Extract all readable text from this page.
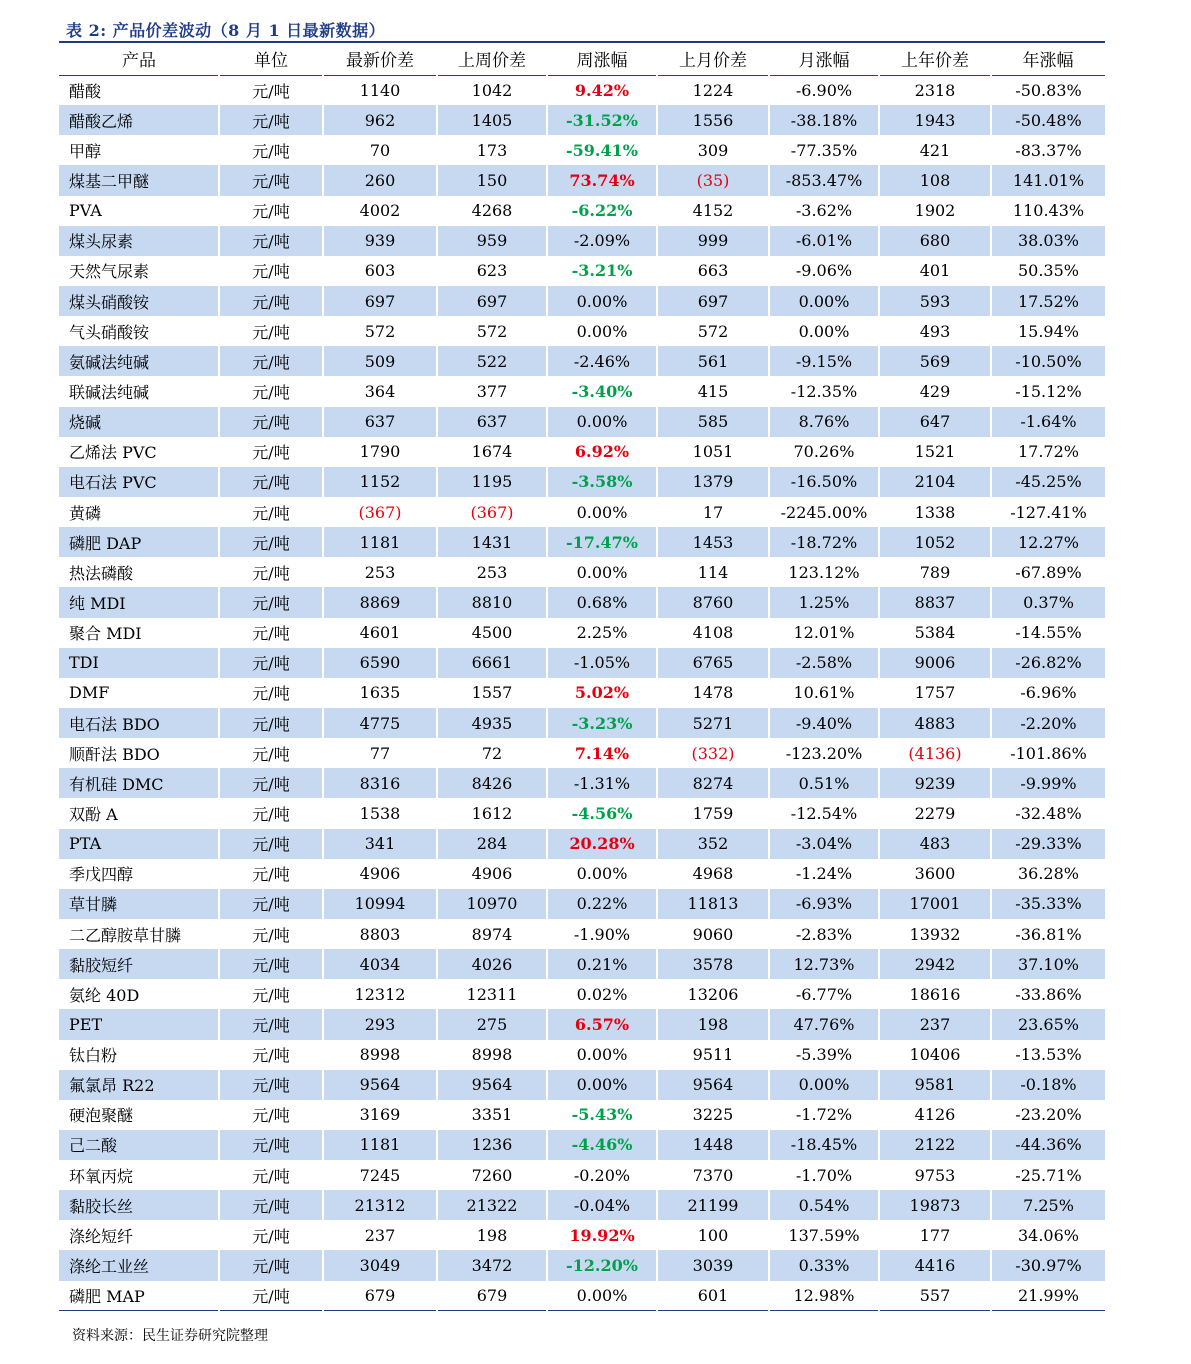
表 2: 产品价差波动（8 月 1 日最新数据）
产品	单位	最新价差	上周价差	周涨幅	上月价差	月涨幅	上年价差	年涨幅
醋酸	元/吨	1140	1042	9.42%	1224	-6.90%	2318	-50.83%
醋酸乙烯	元/吨	962	1405	-31.52%	1556	-38.18%	1943	-50.48%
甲醇	元/吨	70	173	-59.41%	309	-77.35%	421	-83.37%
煤基二甲醚	元/吨	260	150	73.74%	(35)	-853.47%	108	141.01%
PVA	元/吨	4002	4268	-6.22%	4152	-3.62%	1902	110.43%
煤头尿素	元/吨	939	959	-2.09%	999	-6.01%	680	38.03%
天然气尿素	元/吨	603	623	-3.21%	663	-9.06%	401	50.35%
煤头硝酸铵	元/吨	697	697	0.00%	697	0.00%	593	17.52%
气头硝酸铵	元/吨	572	572	0.00%	572	0.00%	493	15.94%
氨碱法纯碱	元/吨	509	522	-2.46%	561	-9.15%	569	-10.50%
联碱法纯碱	元/吨	364	377	-3.40%	415	-12.35%	429	-15.12%
烧碱	元/吨	637	637	0.00%	585	8.76%	647	-1.64%
乙烯法 PVC	元/吨	1790	1674	6.92%	1051	70.26%	1521	17.72%
电石法 PVC	元/吨	1152	1195	-3.58%	1379	-16.50%	2104	-45.25%
黄磷	元/吨	(367)	(367)	0.00%	17	-2245.00%	1338	-127.41%
磷肥 DAP	元/吨	1181	1431	-17.47%	1453	-18.72%	1052	12.27%
热法磷酸	元/吨	253	253	0.00%	114	123.12%	789	-67.89%
纯 MDI	元/吨	8869	8810	0.68%	8760	1.25%	8837	0.37%
聚合 MDI	元/吨	4601	4500	2.25%	4108	12.01%	5384	-14.55%
TDI	元/吨	6590	6661	-1.05%	6765	-2.58%	9006	-26.82%
DMF	元/吨	1635	1557	5.02%	1478	10.61%	1757	-6.96%
电石法 BDO	元/吨	4775	4935	-3.23%	5271	-9.40%	4883	-2.20%
顺酐法 BDO	元/吨	77	72	7.14%	(332)	-123.20%	(4136)	-101.86%
有机硅 DMC	元/吨	8316	8426	-1.31%	8274	0.51%	9239	-9.99%
双酚 A	元/吨	1538	1612	-4.56%	1759	-12.54%	2279	-32.48%
PTA	元/吨	341	284	20.28%	352	-3.04%	483	-29.33%
季戊四醇	元/吨	4906	4906	0.00%	4968	-1.24%	3600	36.28%
草甘膦	元/吨	10994	10970	0.22%	11813	-6.93%	17001	-35.33%
二乙醇胺草甘膦	元/吨	8803	8974	-1.90%	9060	-2.83%	13932	-36.81%
黏胶短纤	元/吨	4034	4026	0.21%	3578	12.73%	2942	37.10%
氨纶 40D	元/吨	12312	12311	0.02%	13206	-6.77%	18616	-33.86%
PET	元/吨	293	275	6.57%	198	47.76%	237	23.65%
钛白粉	元/吨	8998	8998	0.00%	9511	-5.39%	10406	-13.53%
氟氯昂 R22	元/吨	9564	9564	0.00%	9564	0.00%	9581	-0.18%
硬泡聚醚	元/吨	3169	3351	-5.43%	3225	-1.72%	4126	-23.20%
己二酸	元/吨	1181	1236	-4.46%	1448	-18.45%	2122	-44.36%
环氧丙烷	元/吨	7245	7260	-0.20%	7370	-1.70%	9753	-25.71%
黏胶长丝	元/吨	21312	21322	-0.04%	21199	0.54%	19873	7.25%
涤纶短纤	元/吨	237	198	19.92%	100	137.59%	177	34.06%
涤纶工业丝	元/吨	3049	3472	-12.20%	3039	0.33%	4416	-30.97%
磷肥 MAP	元/吨	679	679	0.00%	601	12.98%	557	21.99%
资料来源：民生证券研究院整理
